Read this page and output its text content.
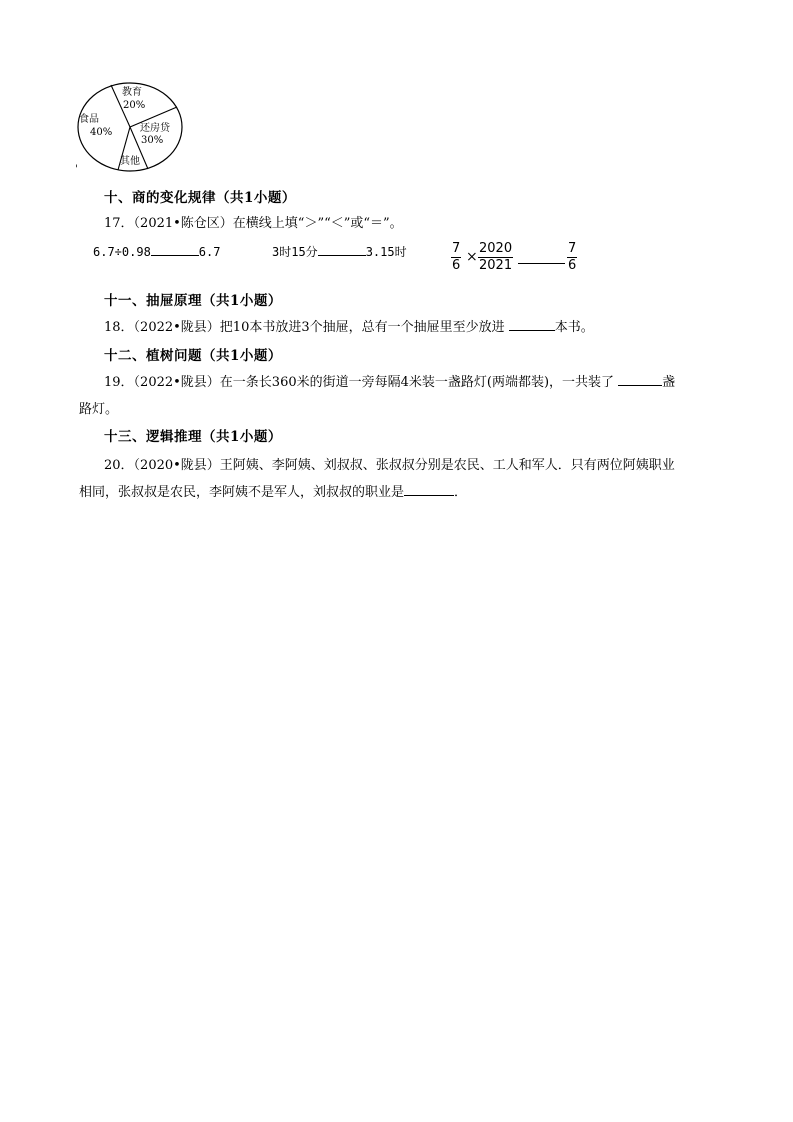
教育
20%
还房贷
30%
其他
食品
40%
'
十、商的变化规律（共1小题）
17．（2021•陈仓区）在横线上填“＞”“＜”或“＝”。
6.7÷0.98	6.7	3时15分	3.15时	$\frac{7}{6} \times \frac{2020}{2021}$	$\frac{7}{6}$
十一、抽屉原理（共1小题）
18．（2022•陇县）把10本书放进3个抽屉，总有一个抽屉里至少放进	本书。
十二、植树问题（共1小题）
19．（2022•陇县）在一条长360米的街道一旁每隔4米装一盏路灯(两端都装)，一共装了	盏
路灯。
十三、逻辑推理（共1小题）
20．（2020•陇县）王阿姨、李阿姨、刘叔叔、张叔叔分别是农民、工人和军人．只有两位阿姨职业
相同，张叔叔是农民，李阿姨不是军人，刘叔叔的职业是	．
